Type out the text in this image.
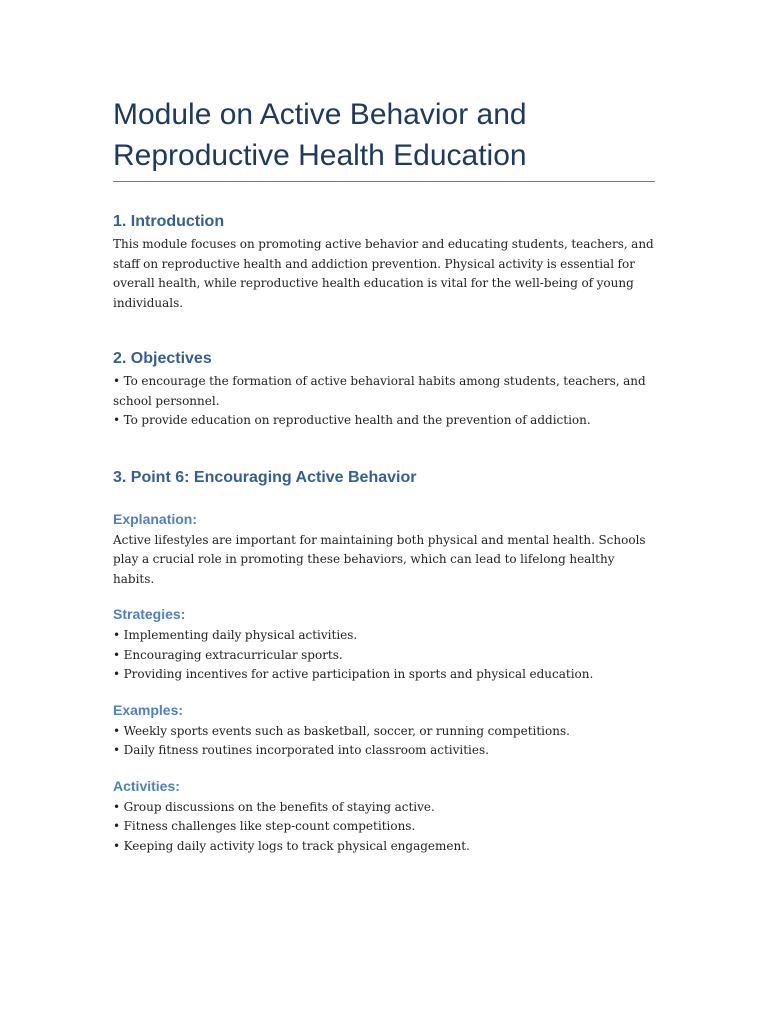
Module on Active Behavior and
Reproductive Health Education
1. Introduction

This module focuses on promoting active behavior and educating students, teachers, and staff on reproductive health and addiction prevention. Physical activity is essential for overall health, while reproductive health education is vital for the well-being of young individuals.

2. Objectives
• To encourage the formation of active behavioral habits among students, teachers, and school personnel.
• To provide education on reproductive health and the prevention of addiction.
3. Point 6: Encouraging Active Behavior
Explanation:

Active lifestyles are important for maintaining both physical and mental health. Schools play a crucial role in promoting these behaviors, which can lead to lifelong healthy habits.

Strategies:
• Implementing daily physical activities.
• Encouraging extracurricular sports.
• Providing incentives for active participation in sports and physical education.
Examples:
• Weekly sports events such as basketball, soccer, or running competitions.
• Daily fitness routines incorporated into classroom activities.
Activities:
• Group discussions on the benefits of staying active.
• Fitness challenges like step-count competitions.
• Keeping daily activity logs to track physical engagement.
